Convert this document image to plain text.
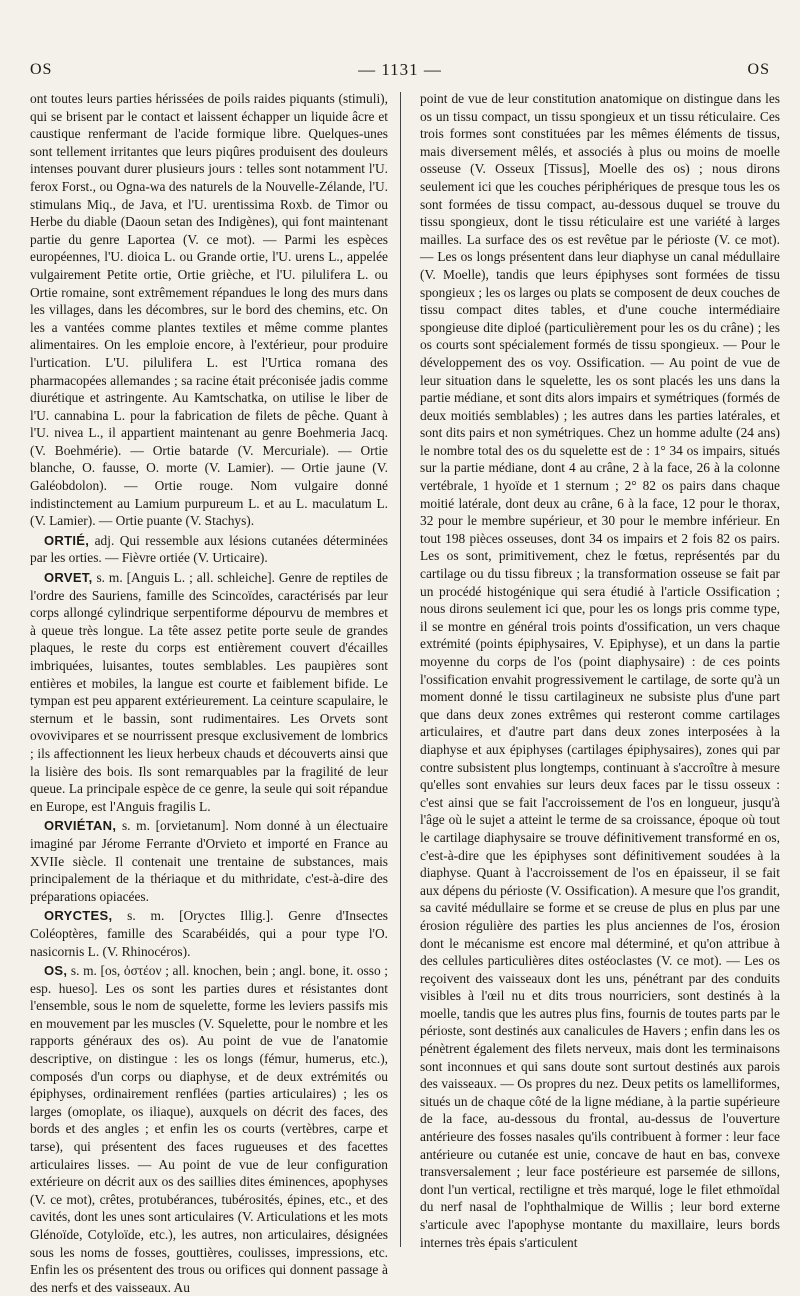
OS	— 1131 —	OS

ont toutes leurs parties hérissées de poils raides piquants (stimuli), qui se brisent par le contact et laissent échapper un liquide âcre et caustique renfermant de l'acide formique libre. Quelques-unes sont tellement irritantes que leurs piqûres produisent des douleurs intenses pouvant durer plusieurs jours : telles sont notamment l'U. ferox Forst., ou Ogna-wa des naturels de la Nouvelle-Zélande, l'U. stimulans Miq., de Java, et l'U. urentissima Roxb. de Timor ou Herbe du diable (Daoun setan des Indigènes), qui font maintenant partie du genre Laportea (V. ce mot). — Parmi les espèces européennes, l'U. dioica L. ou Grande ortie, l'U. urens L., appelée vulgairement Petite ortie, Ortie grièche, et l'U. pilulifera L. ou Ortie romaine, sont extrêmement répandues le long des murs dans les villages, dans les décombres, sur le bord des chemins, etc. On les a vantées comme plantes textiles et même comme plantes alimentaires. On les emploie encore, à l'extérieur, pour produire l'urtication. L'U. pilulifera L. est l'Urtica romana des pharmacopées allemandes ; sa racine était préconisée jadis comme diurétique et astringente. Au Kamtschatka, on utilise le liber de l'U. cannabina L. pour la fabrication de filets de pêche. Quant à l'U. nivea L., il appartient maintenant au genre Boehmeria Jacq. (V. Boehmérie). — Ortie batarde (V. Mercuriale). — Ortie blanche, O. fausse, O. morte (V. Lamier). — Ortie jaune (V. Galéobdolon). — Ortie rouge. Nom vulgaire donné indistinctement au Lamium purpureum L. et au L. maculatum L. (V. Lamier). — Ortie puante (V. Stachys).

ORTIÉ, adj. Qui ressemble aux lésions cutanées déterminées par les orties. — Fièvre ortiée (V. Urticaire).

ORVET, s. m. [Anguis L. ; all. schleiche]. Genre de reptiles de l'ordre des Sauriens, famille des Scincoïdes, caractérisés par leur corps allongé cylindrique serpentiforme dépourvu de membres et à queue très longue. La tête assez petite porte seule de grandes plaques, le reste du corps est entièrement couvert d'écailles imbriquées, luisantes, toutes semblables. Les paupières sont entières et mobiles, la langue est courte et faiblement bifide. Le tympan est peu apparent extérieurement. La ceinture scapulaire, le sternum et le bassin, sont rudimentaires. Les Orvets sont ovovivipares et se nourrissent presque exclusivement de lombrics ; ils affectionnent les lieux herbeux chauds et découverts ainsi que la lisière des bois. Ils sont remarquables par la fragilité de leur queue. La principale espèce de ce genre, la seule qui soit répandue en Europe, est l'Anguis fragilis L.

ORVIÉTAN, s. m. [orvietanum]. Nom donné à un électuaire imaginé par Jérome Ferrante d'Orvieto et importé en France au XVIIe siècle. Il contenait une trentaine de substances, mais principalement de la thériaque et du mithridate, c'est-à-dire des préparations opiacées.

ORYCTES, s. m. [Oryctes Illig.]. Genre d'Insectes Coléoptères, famille des Scarabéidés, qui a pour type l'O. nasicornis L. (V. Rhinocéros).

OS, s. m. [os, ὀστέον ; all. knochen, bein ; angl. bone, it. osso ; esp. hueso]. Les os sont les parties dures et résistantes dont l'ensemble, sous le nom de squelette, forme les leviers passifs mis en mouvement par les muscles (V. Squelette, pour le nombre et les rapports généraux des os). Au point de vue de l'anatomie descriptive, on distingue : les os longs (fémur, humerus, etc.), composés d'un corps ou diaphyse, et de deux extrémités ou épiphyses, ordinairement renflées (parties articulaires) ; les os larges (omoplate, os iliaque), auxquels on décrit des faces, des bords et des angles ; et enfin les os courts (vertèbres, carpe et tarse), qui présentent des faces rugueuses et des facettes articulaires lisses. — Au point de vue de leur configuration extérieure on décrit aux os des saillies dites éminences, apophyses (V. ce mot), crêtes, protubérances, tubérosités, épines, etc., et des cavités, dont les unes sont articulaires (V. Articulations et les mots Glénoïde, Cotyloïde, etc.), les autres, non articulaires, désignées sous les noms de fosses, gouttières, coulisses, impressions, etc. Enfin les os présentent des trous ou orifices qui donnent passage à des nerfs et des vaisseaux. Au

point de vue de leur constitution anatomique on distingue dans les os un tissu compact, un tissu spongieux et un tissu réticulaire. Ces trois formes sont constituées par les mêmes éléments de tissus, mais diversement mêlés, et associés à plus ou moins de moelle osseuse (V. Osseux [Tissus], Moelle des os) ; nous dirons seulement ici que les couches périphériques de presque tous les os sont formées de tissu compact, au-dessous duquel se trouve du tissu spongieux, dont le tissu réticulaire est une variété à larges mailles. La surface des os est revêtue par le périoste (V. ce mot). — Les os longs présentent dans leur diaphyse un canal médullaire (V. Moelle), tandis que leurs épiphyses sont formées de tissu spongieux ; les os larges ou plats se composent de deux couches de tissu compact dites tables, et d'une couche intermédiaire spongieuse dite diploé (particulièrement pour les os du crâne) ; les os courts sont spécialement formés de tissu spongieux. — Pour le développement des os voy. Ossification. — Au point de vue de leur situation dans le squelette, les os sont placés les uns dans la partie médiane, et sont dits alors impairs et symétriques (formés de deux moitiés semblables) ; les autres dans les parties latérales, et sont dits pairs et non symétriques. Chez un homme adulte (24 ans) le nombre total des os du squelette est de : 1° 34 os impairs, situés sur la partie médiane, dont 4 au crâne, 2 à la face, 26 à la colonne vertébrale, 1 hyoïde et 1 sternum ; 2° 82 os pairs dans chaque moitié latérale, dont deux au crâne, 6 à la face, 12 pour le thorax, 32 pour le membre supérieur, et 30 pour le membre inférieur. En tout 198 pièces osseuses, dont 34 os impairs et 2 fois 82 os pairs. Les os sont, primitivement, chez le fœtus, représentés par du cartilage ou du tissu fibreux ; la transformation osseuse se fait par un procédé histogénique qui sera étudié à l'article Ossification ; nous dirons seulement ici que, pour les os longs pris comme type, il se montre en général trois points d'ossification, un vers chaque extrémité (points épiphysaires, V. Epiphyse), et un dans la partie moyenne du corps de l'os (point diaphysaire) : de ces points l'ossification envahit progressivement le cartilage, de sorte qu'à un moment donné le tissu cartilagineux ne subsiste plus d'une part que dans deux zones extrêmes qui resteront comme cartilages articulaires, et d'autre part dans deux zones interposées à la diaphyse et aux épiphyses (cartilages épiphysaires), zones qui par contre subsistent plus longtemps, continuant à s'accroître à mesure qu'elles sont envahies sur leurs deux faces par le tissu osseux : c'est ainsi que se fait l'accroissement de l'os en longueur, jusqu'à l'âge où le sujet a atteint le terme de sa croissance, époque où tout le cartilage diaphysaire se trouve définitivement transformé en os, c'est-à-dire que les épiphyses sont définitivement soudées à la diaphyse. Quant à l'accroissement de l'os en épaisseur, il se fait aux dépens du périoste (V. Ossification). A mesure que l'os grandit, sa cavité médullaire se forme et se creuse de plus en plus par une érosion régulière des parties les plus anciennes de l'os, érosion dont le mécanisme est encore mal déterminé, et qu'on attribue à des cellules particulières dites ostéoclastes (V. ce mot). — Les os reçoivent des vaisseaux dont les uns, pénétrant par des conduits visibles à l'œil nu et dits trous nourriciers, sont destinés à la moelle, tandis que les autres plus fins, fournis de toutes parts par le périoste, sont destinés aux canalicules de Havers ; enfin dans les os pénètrent également des filets nerveux, mais dont les terminaisons sont inconnues et qui sans doute sont surtout destinés aux parois des vaisseaux. — Os propres du nez. Deux petits os lamelliformes, situés un de chaque côté de la ligne médiane, à la partie supérieure de la face, au-dessous du frontal, au-dessus de l'ouverture antérieure des fosses nasales qu'ils contribuent à former : leur face antérieure ou cutanée est unie, concave de haut en bas, convexe transversalement ; leur face postérieure est parsemée de sillons, dont l'un vertical, rectiligne et très marqué, loge le filet ethmoïdal du nerf nasal de l'ophthalmique de Willis ; leur bord externe s'articule avec l'apophyse montante du maxillaire, leurs bords internes très épais s'articulent
